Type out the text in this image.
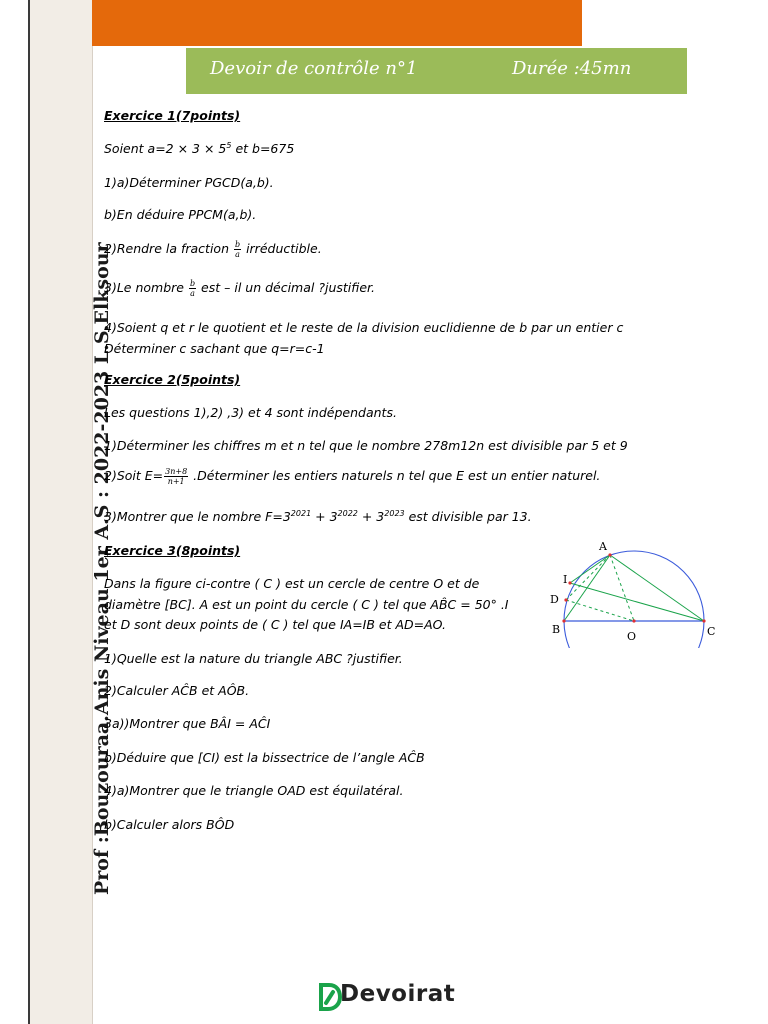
Prof :Bouzouraa.Anis Niveau 1er A.S : 2022-2023 L.S.Elksour
Devoir de contrôle n°1	Durée :45mn
Exercice 1(7points)
Soient $a=2 \times 3 \times 5^5$ et b=675
1)a)Déterminer PGCD(a,b).
b)En déduire PPCM(a,b).
2)Rendre la fraction $\frac{b}{a}$ irréductible.
3)Le nombre $\frac{b}{a}$ est – il un décimal ?justifier.
4)Soient q et r le quotient et le reste de la division euclidienne de b par un entier c
Déterminer c sachant que q=r=c-1
Exercice 2(5points)
Les questions 1),2) ,3) et 4 sont indépendants.
1)Déterminer les chiffres m et n tel que le nombre 278m12n est divisible par 5 et 9
2)Soit $E= \frac{3n+8}{n+1}$ .Déterminer les entiers naturels n tel que E est un entier naturel.
3)Montrer que le nombre $F=3^{2021} + 3^{2022} + 3^{2023}$ est divisible par 13.
Exercice 3(8points)
Dans la figure ci-contre ( C ) est un cercle de centre O et de
diamètre [BC]. A est un point du cercle ( C ) tel que AB̂C = 50° .I
et D sont deux points de ( C ) tel que IA=IB et AD=AO.
1)Quelle est la nature du triangle ABC ?justifier.
2)Calculer AĈB et AÔB.
3a))Montrer que BÂI = AĈI
b)Déduire que [CI) est la bissectrice de l’angle AĈB
4)a)Montrer que le triangle OAD est équilatéral.
b)Calculer alors BÔD
A
I
D
B
O	C
Devoirat
